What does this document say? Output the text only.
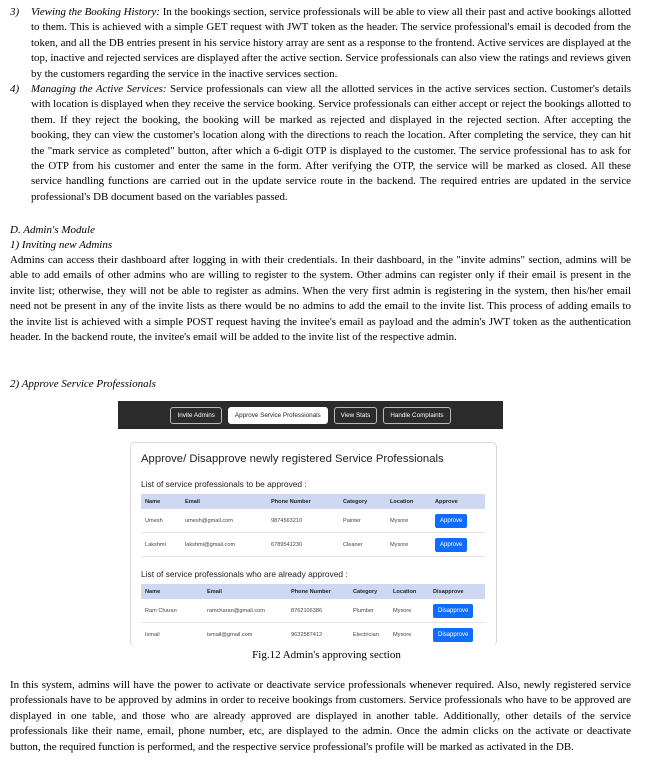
3) Viewing the Booking History: In the bookings section, service professionals will be able to view all their past and active bookings allotted to them. This is achieved with a simple GET request with JWT token as the header. The service professional's email is decoded from the token, and all the DB entries present in his service history array are sent as a response to the frontend. Active services are displayed at the top, inactive and rejected services are displayed after the active section. Service professionals can also view the ratings and reviews given by the customers regarding the service in the inactive services section.
4) Managing the Active Services: Service professionals can view all the allotted services in the active services section. Customer's details with location is displayed when they receive the service booking. Service professionals can either accept or reject the bookings allotted to them. If they reject the booking, the booking will be marked as rejected and displayed in the rejected section. After accepting the booking, they can view the customer's location along with the directions to reach the location. After completing the service, they can hit the "mark service as completed" button, after which a 6-digit OTP is displayed to the customer. The service professional has to ask for the OTP from his customer and enter the same in the form. After verifying the OTP, the service will be marked as closed. All these service handling functions are carried out in the update service route in the backend. The required entries are updated in the service professional's DB document based on the variables passed.
D. Admin's Module
1) Inviting new Admins
Admins can access their dashboard after logging in with their credentials. In their dashboard, in the "invite admins" section, admins will be able to add emails of other admins who are willing to register to the system. Other admins can register only if their email is present in the invite list; otherwise, they will not be able to register as admins. When the very first admin is registering in the system, then his/her email need not be present in any of the invite lists as there would be no admins to add the email to the invite list. This process of adding emails to the invite list is achieved with a simple POST request having the invitee's email as payload and the admin's JWT token as the authentication header. In the backend route, the invitee's email will be added to the invite list of the respective admin.
2) Approve Service Professionals
Invite Admins	Approve Service Professionals	View Stats	Handle Complaints
Approve/ Disapprove newly registered Service Professionals
List of service professionals to be approved :
Name	Email	Phone Number	Category	Location	Approve
Umesh	umesh@gmail.com	9874563210	Painter	Mysore	Approve
Lakshmi	lakshmi@gmail.com	6789541230	Cleaner	Mysore	Approve
List of service professionals who are already approved :
Name	Email	Phone Number	Category	Location	Disapprove
Ram Charan	ramcharan@gmail.com	8762106386	Plumber	Mysore	Disapprove
Ismail	ismail@gmail.com	9632587412	Electrician	Mysore	Disapprove
Fig.12 Admin's approving section
In this system, admins will have the power to activate or deactivate service professionals whenever required. Also, newly registered service professionals have to be approved by admins in order to receive bookings from customers. Service professionals who have to be approved are displayed in one table, and those who are already approved are displayed in another table. Additionally, other details of the service professionals like their name, email, phone number, etc, are displayed to the admin. Once the admin clicks on the activate or deactivate button, the required function is performed, and the respective service professional's profile will be marked as activated in the DB.
